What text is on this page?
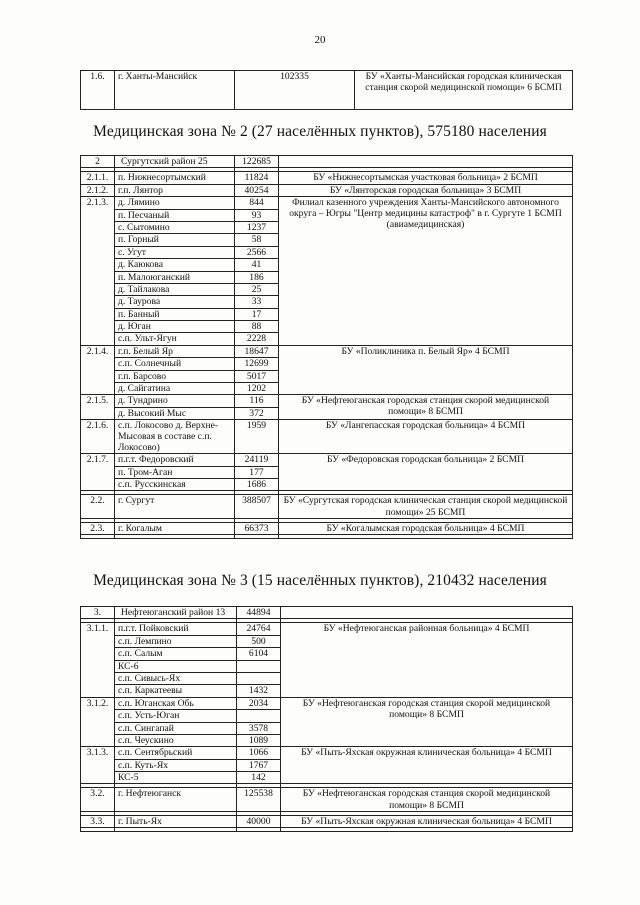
20
1.6.	г. Ханты-Мансийск	102335	БУ «Ханты-Мансийская городская клиническая станция скорой медицинской помощи» 6 БСМП
Медицинская зона № 2 (27 населённых пунктов), 575180 населения
2	Сургутский район 25	122685	

2.1.1.	п. Нижнесортымский	11824	БУ «Нижнесортымская участковая больница» 2 БСМП
2.1.2.	г.п. Лянтор	40254	БУ «Лянторская городская больница» 3 БСМП
2.1.3.	д. Лямино	844	Филиал казенного учреждения Ханты-Мансийского автономного округа – Югры "Центр медицины катастроф" в г. Сургуте 1 БСМП (авиамедицинская)
	п. Песчаный	93	
	с. Сытомино	1237	
	п. Горный	58	
	с. Угут	2566	
	д. Каюкова	41	
	п. Малоюганский	186	
	д. Тайлакова	25	
	д. Таурова	33	
	п. Банный	17	
	д. Юган	88	
	с.п. Ульт-Ягун	2228	
2.1.4.	г.п. Белый Яр	18647	БУ «Поликлиника п. Белый Яр» 4 БСМП
	с.п. Солнечный	12699	
	г.п. Барсово	5017	
	д. Сайгатина	1202	
2.1.5.	д. Тундрино	116	БУ «Нефтеюганская городская станция скорой медицинской помощи» 8 БСМП
	д. Высокий Мыс	372	
2.1.6.	с.п. Локосово д. Верхне-Мысовая в составе с.п. Локосово)	1959	БУ «Лангепасская городская больница» 4 БСМП
2.1.7.	п.г.т. Федоровский	24119	БУ «Федоровская городская больница» 2 БСМП
	п. Тром-Аган	177	
	с.п. Русскинская	1686	

2.2.	г. Сургут	388507	БУ «Сургутская городская клиническая станция скорой медицинской помощи» 25 БСМП

2.3.	г. Когалым	66373	БУ «Когалымская городская больница» 4 БСМП

Медицинская зона № 3 (15 населённых пунктов), 210432 населения
3.	Нефтеюганский район 13	44894	

3.1.1.	п.г.т. Пойковский	24764	БУ «Нефтеюганская районная больница» 4 БСМП
	с.п. Лемпино	500	
	с.п. Салым	6104	
	КС-6		
	с.п. Сивысь-Ях		
	с.п. Каркатеевы	1432	
3.1.2.	с.п. Юганская Обь	2034	БУ «Нефтеюганская городская станция скорой медицинской помощи» 8 БСМП
	с.п. Усть-Юган		
	с.п. Сингапай	3578	
	с.п. Чеускино	1089	
3.1.3.	с.п. Сентябрьский	1066	БУ «Пыть-Яхская окружная клиническая больница» 4 БСМП
	с.п. Куть-Ях	1767	
	КС-5	142	

3.2.	г. Нефтеюганск	125538	БУ «Нефтеюганская городская станция скорой медицинской помощи» 8 БСМП

3.3.	г. Пыть-Ях	40000	БУ «Пыть-Яхская окружная клиническая больница» 4 БСМП
